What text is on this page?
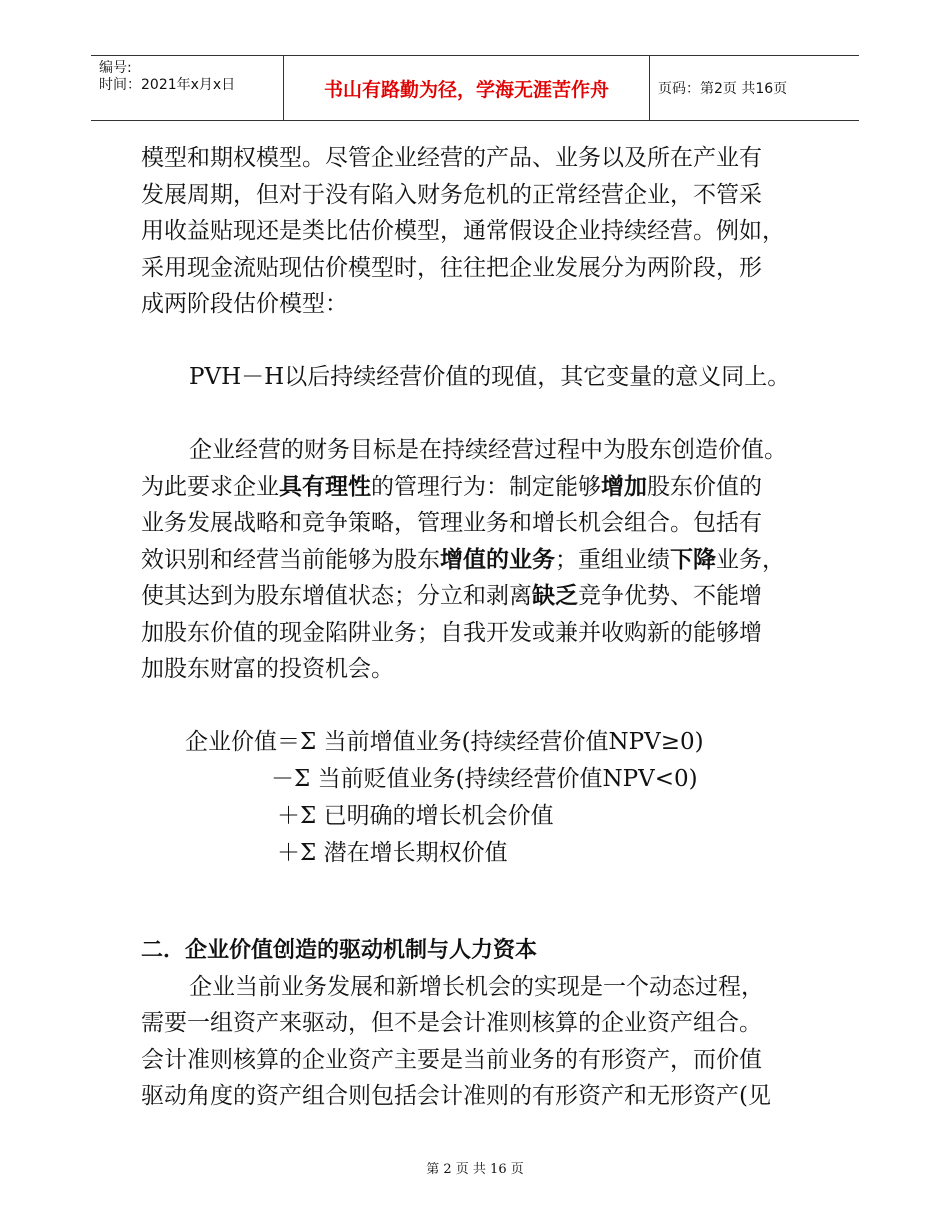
编号:
时间：2021年x月x日	书山有路勤为径，学海无涯苦作舟	页码：第2页 共16页

模型和期权模型。尽管企业经营的产品、业务以及所在产业有
发展周期，但对于没有陷入财务危机的正常经营企业，不管采
用收益贴现还是类比估价模型，通常假设企业持续经营。例如，
采用现金流贴现估价模型时，往往把企业发展分为两阶段，形
成两阶段估价模型：

PVH－H以后持续经营价值的现值，其它变量的意义同上。

企业经营的财务目标是在持续经营过程中为股东创造价值。
为此要求企业具有理性的管理行为：制定能够增加股东价值的
业务发展战略和竞争策略，管理业务和增长机会组合。包括有
效识别和经营当前能够为股东增值的业务；重组业绩下降业务，
使其达到为股东增值状态；分立和剥离缺乏竞争优势、不能增
加股东价值的现金陷阱业务；自我开发或兼并收购新的能够增
加股东财富的投资机会。

企业价值＝Σ 当前增值业务(持续经营价值NPV≥0)
－Σ 当前贬值业务(持续经营价值NPV<0)
＋Σ 已明确的增长机会价值
＋Σ 潜在增长期权价值

二．企业价值创造的驱动机制与人力资本

企业当前业务发展和新增长机会的实现是一个动态过程，
需要一组资产来驱动，但不是会计准则核算的企业资产组合。
会计准则核算的企业资产主要是当前业务的有形资产，而价值
驱动角度的资产组合则包括会计准则的有形资产和无形资产(见

第 2 页 共 16 页
